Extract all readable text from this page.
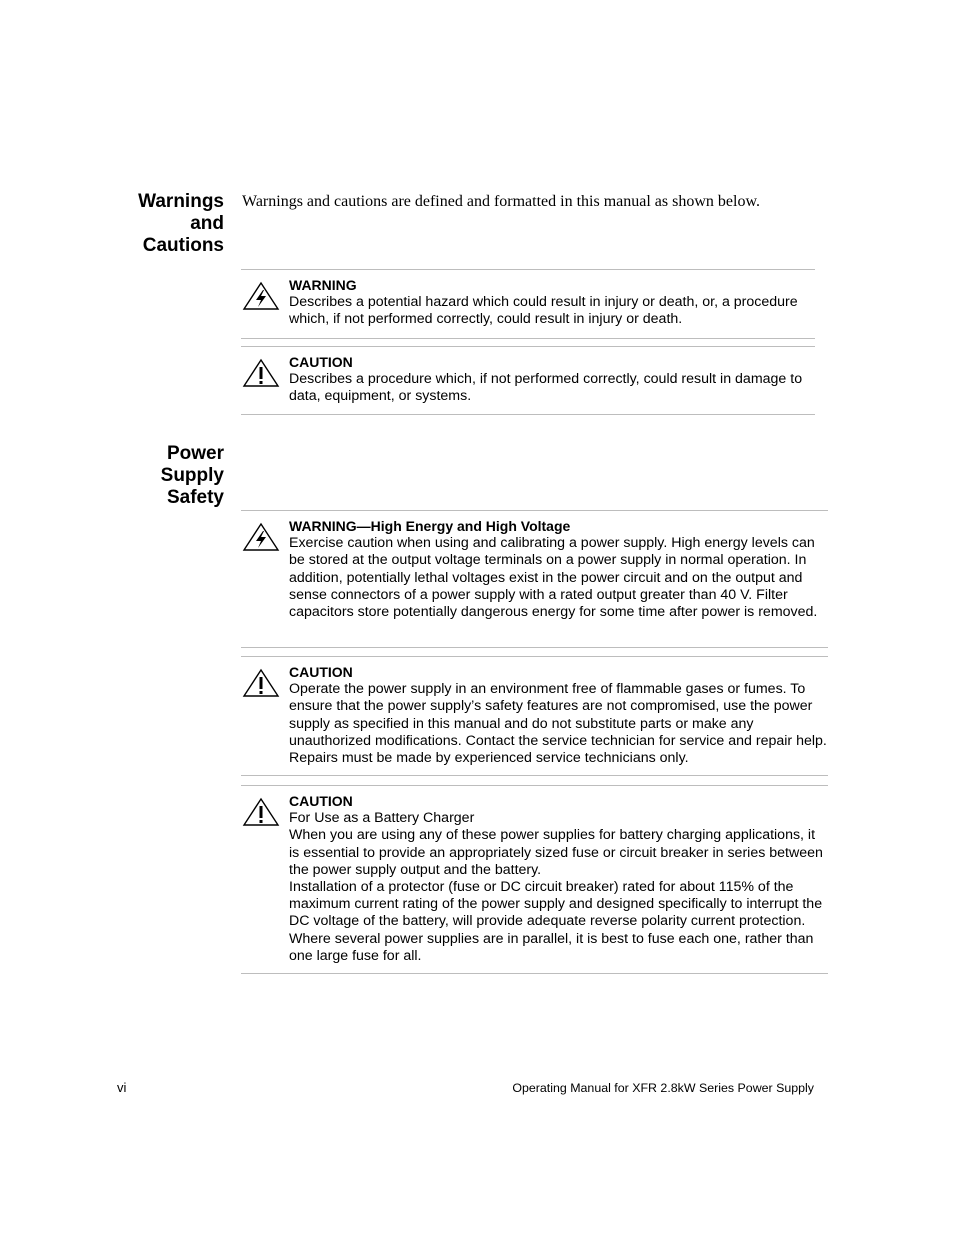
Warnings
and
Cautions
Warnings and cautions are defined and formatted in this manual as shown below.
Power
Supply
Safety
WARNING
Describes a potential hazard which could result in injury or death, or, a procedure which, if not performed correctly, could result in injury or death.
CAUTION
Describes a procedure which, if not performed correctly, could result in damage to data, equipment, or systems.
WARNING—High Energy and High Voltage
Exercise caution when using and calibrating a power supply. High energy levels can be stored at the output voltage terminals on a power supply in normal operation. In addition, potentially lethal voltages exist in the power circuit and on the output and sense connectors of a power supply with a rated output greater than 40 V. Filter capacitors store potentially dangerous energy for some time after power is removed.
CAUTION
Operate the power supply in an environment free of flammable gases or fumes. To ensure that the power supply’s safety features are not compromised, use the power supply as specified in this manual and do not substitute parts or make any unauthorized modifications. Contact the service technician for service and repair help. Repairs must be made by experienced service technicians only.
CAUTION
For Use as a Battery Charger
When you are using any of these power supplies for battery charging applications, it is essential to provide an appropriately sized fuse or circuit breaker in series between the power supply output and the battery.
Installation of a protector (fuse or DC circuit breaker) rated for about 115% of the maximum current rating of the power supply and designed specifically to interrupt the DC voltage of the battery, will provide adequate reverse polarity current protection. Where several power supplies are in parallel, it is best to fuse each one, rather than one large fuse for all.
vi	Operating Manual for XFR 2.8kW Series Power Supply
